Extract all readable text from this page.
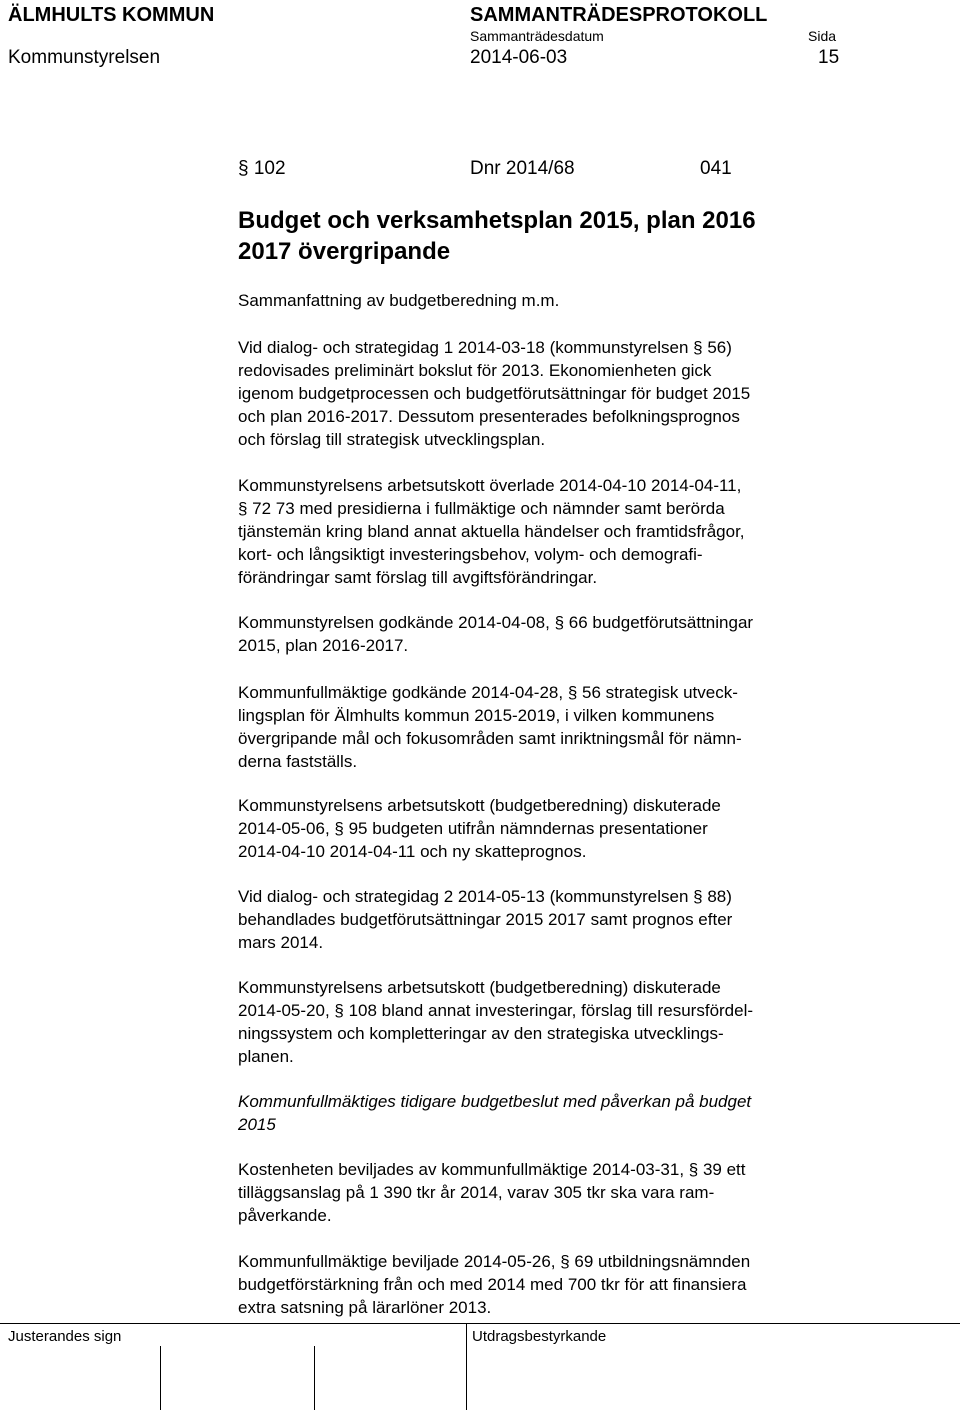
ÄLMHULTS KOMMUN	SAMMANTRÄDESPROTOKOLL
Sammanträdesdatum	Sida
Kommunstyrelsen	2014-06-03	15
§ 102	Dnr 2014/68	041
Budget och verksamhetsplan 2015, plan 2016
2017 övergripande
Sammanfattning av budgetberedning m.m.
Vid dialog- och strategidag 1 2014-03-18 (kommunstyrelsen § 56)
redovisades preliminärt bokslut för 2013. Ekonomienheten gick
igenom budgetprocessen och budgetförutsättningar för budget 2015
och plan 2016-2017. Dessutom presenterades befolkningsprognos
och förslag till strategisk utvecklingsplan.
Kommunstyrelsens arbetsutskott överlade 2014-04-10 2014-04-11,
§ 72 73 med presidierna i fullmäktige och nämnder samt berörda
tjänstemän kring bland annat aktuella händelser och framtidsfrågor,
kort- och långsiktigt investeringsbehov, volym- och demografi-
förändringar samt förslag till avgiftsförändringar.
Kommunstyrelsen godkände 2014-04-08, § 66 budgetförutsättningar
2015, plan 2016-2017.
Kommunfullmäktige godkände 2014-04-28, § 56 strategisk utveck-
lingsplan för Älmhults kommun 2015-2019, i vilken kommunens
övergripande mål och fokusområden samt inriktningsmål för nämn-
derna fastställs.
Kommunstyrelsens arbetsutskott (budgetberedning) diskuterade
2014-05-06, § 95 budgeten utifrån nämndernas presentationer
2014-04-10 2014-04-11 och ny skatteprognos.
Vid dialog- och strategidag 2 2014-05-13 (kommunstyrelsen § 88)
behandlades budgetförutsättningar 2015 2017 samt prognos efter
mars 2014.
Kommunstyrelsens arbetsutskott (budgetberedning) diskuterade
2014-05-20, § 108 bland annat investeringar, förslag till resursfördel-
ningssystem och kompletteringar av den strategiska utvecklings-
planen.
Kommunfullmäktiges tidigare budgetbeslut med påverkan på budget
2015
Kostenheten beviljades av kommunfullmäktige 2014-03-31, § 39 ett
tilläggsanslag på 1 390 tkr år 2014, varav 305 tkr ska vara ram-
påverkande.
Kommunfullmäktige beviljade 2014-05-26, § 69 utbildningsnämnden
budgetförstärkning från och med 2014 med 700 tkr för att finansiera
extra satsning på lärarlöner 2013.
Justerandes sign	Utdragsbestyrkande
